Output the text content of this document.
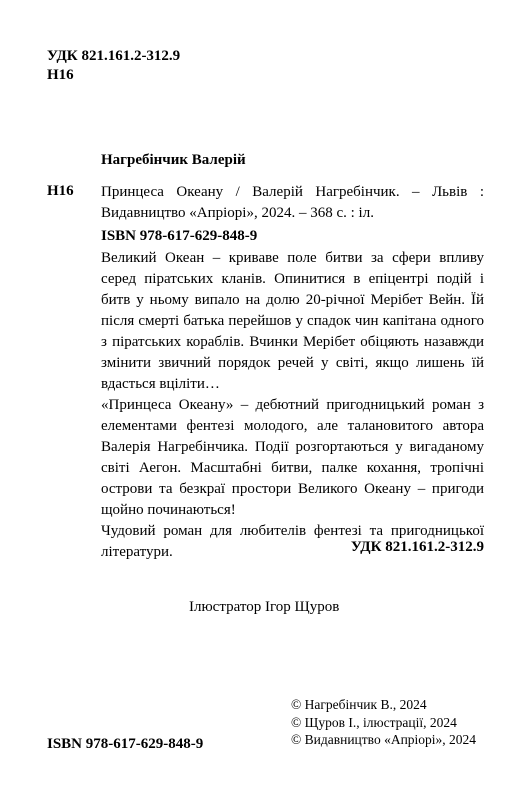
УДК 821.161.2-312.9
Н16
Нагребінчик Валерій
Н16 Принцеса Океану / Валерій Нагребінчик. – Львів : Видавництво «Апріорі», 2024. – 368 с. : іл.
ISBN 978-617-629-848-9

Великий Океан – криваве поле битви за сфери впливу серед піратських кланів. Опинитися в епіцентрі подій і битв у ньому випало на долю 20-річної Мерібет Вейн. Їй після смерті батька перейшов у спадок чин капітана одного з піратських кораблів. Вчинки Мерібет обіцяють назавжди змінити звичний порядок речей у світі, якщо лишень їй вдасться вціліти…

«Принцеса Океану» – дебютний пригодницький роман з елементами фентезі молодого, але талановитого автора Валерія Нагребінчика. Події розгортаються у вигаданому світі Аегон. Масштабні битви, палке кохання, тропічні острови та безкраї простори Великого Океану – пригоди щойно починаються!

Чудовий роман для любителів фентезі та пригодницької літератури.	УДК 821.161.2-312.9
Ілюстратор Ігор Щуров
© Нагребінчик В., 2024
© Щуров І., ілюстрації, 2024
© Видавництво «Апріорі», 2024
ISBN 978-617-629-848-9
